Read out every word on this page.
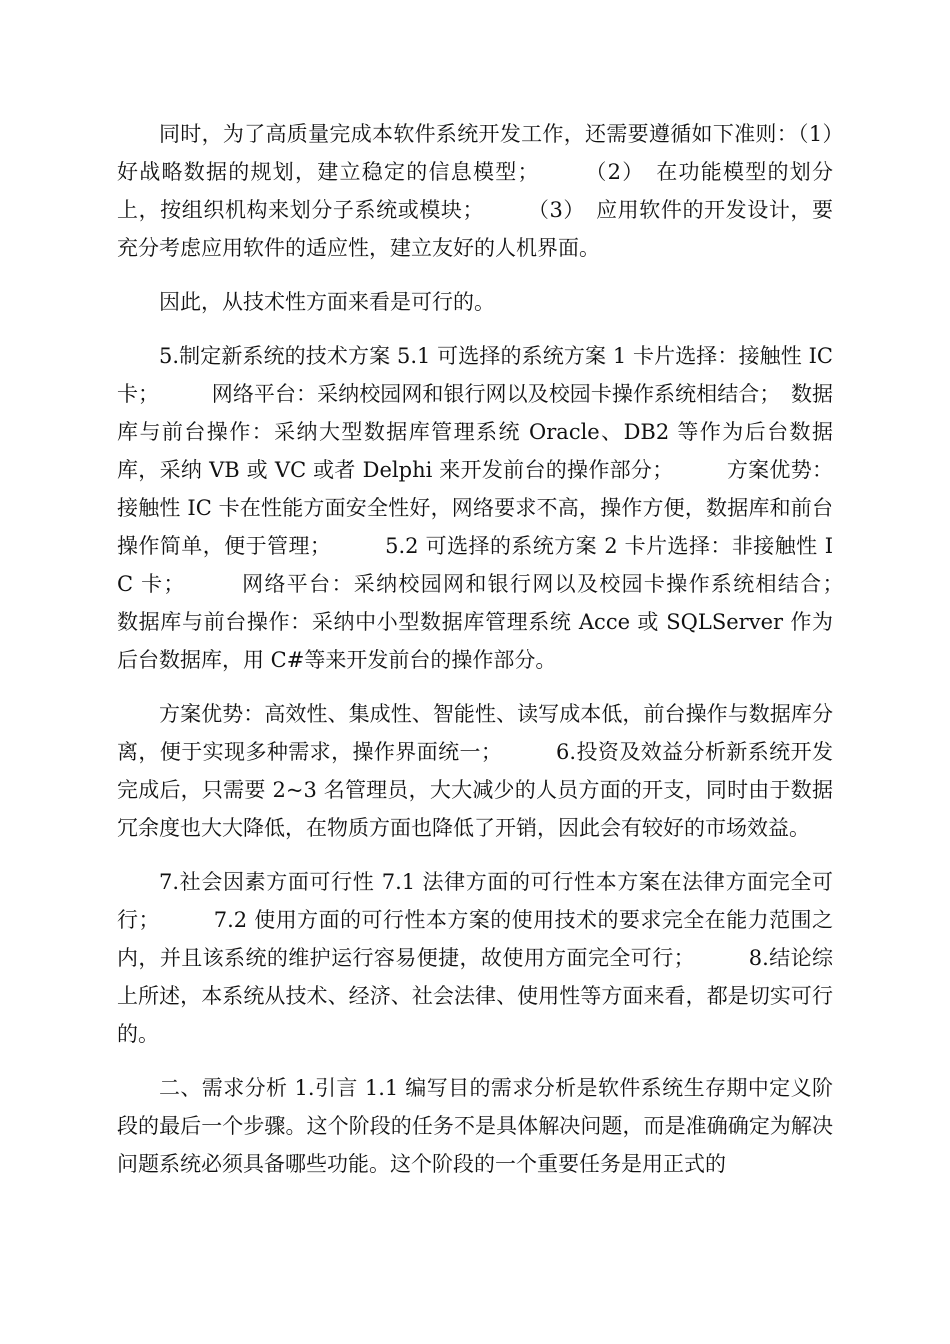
同时，为了高质量完成本软件系统开发工作，还需要遵循如下准则：（1）　好战略数据的规划，建立稳定的信息模型；　　　（2）　在功能模型的划分上，按组织机构来划分子系统或模块；　　　（3）　应用软件的开发设计，要充分考虑应用软件的适应性，建立友好的人机界面。

因此，从技术性方面来看是可行的。

5.制定新系统的技术方案 5.1 可选择的系统方案 1 卡片选择：接触性 IC 卡；　　　网络平台：采纳校园网和银行网以及校园卡操作系统相结合；　数据库与前台操作：采纳大型数据库管理系统 Oracle、DB2 等作为后台数据库，采纳 VB 或 VC 或者 Delphi 来开发前台的操作部分；　　　方案优势：接触性 IC 卡在性能方面安全性好，网络要求不高，操作方便，数据库和前台操作简单，便于管理；　　　5.2 可选择的系统方案 2 卡片选择：非接触性 IC 卡；　　　网络平台：采纳校园网和银行网以及校园卡操作系统相结合；　　　数据库与前台操作：采纳中小型数据库管理系统 Acce 或 SQLServer 作为后台数据库，用 C#等来开发前台的操作部分。

方案优势：高效性、集成性、智能性、读写成本低，前台操作与数据库分离，便于实现多种需求，操作界面统一；　　　6.投资及效益分析新系统开发完成后，只需要 2~3 名管理员，大大减少的人员方面的开支，同时由于数据冗余度也大大降低，在物质方面也降低了开销，因此会有较好的市场效益。

7.社会因素方面可行性 7.1 法律方面的可行性本方案在法律方面完全可行；　　　7.2 使用方面的可行性本方案的使用技术的要求完全在能力范围之内，并且该系统的维护运行容易便捷，故使用方面完全可行；　　　8.结论综上所述，本系统从技术、经济、社会法律、使用性等方面来看，都是切实可行的。

二、需求分析 1.引言 1.1 编写目的需求分析是软件系统生存期中定义阶段的最后一个步骤。这个阶段的任务不是具体解决问题，而是准确确定为解决问题系统必须具备哪些功能。这个阶段的一个重要任务是用正式的
